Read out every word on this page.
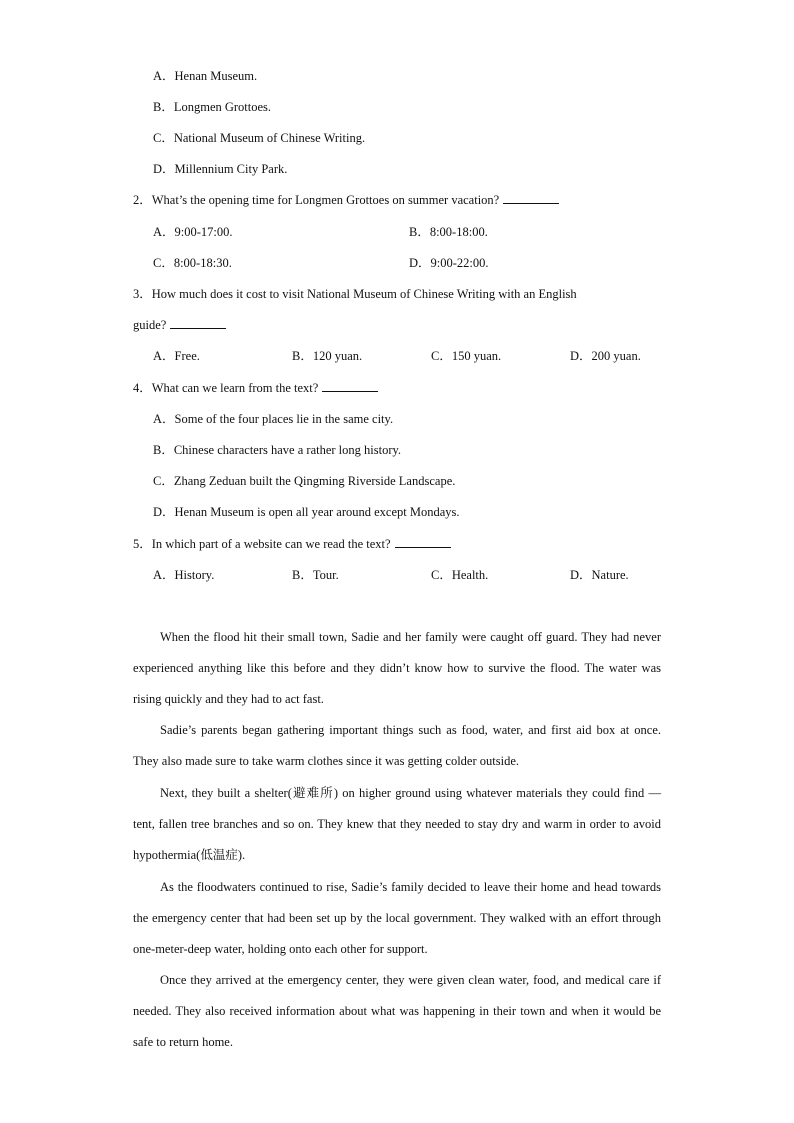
A．Henan Museum.
B．Longmen Grottoes.
C．National Museum of Chinese Writing.
D．Millennium City Park.
2．What’s the opening time for Longmen Grottoes on summer vacation?
A．9:00-17:00.	B．8:00-18:00.
C．8:00-18:30.	D．9:00-22:00.
3．How much does it cost to visit National Museum of Chinese Writing with an English
guide?
A．Free.	B．120 yuan.	C．150 yuan.	D．200 yuan.
4．What can we learn from the text?
A．Some of the four places lie in the same city.
B．Chinese characters have a rather long history.
C．Zhang Zeduan built the Qingming Riverside Landscape.
D．Henan Museum is open all year around except Mondays.
5．In which part of a website can we read the text?
A．History.	B．Tour.	C．Health.	D．Nature.
When the flood hit their small town, Sadie and her family were caught off guard. They had never experienced anything like this before and they didn’t know how to survive the flood. The water was rising quickly and they had to act fast.
Sadie’s parents began gathering important things such as food, water, and first aid box at once. They also made sure to take warm clothes since it was getting colder outside.
Next, they built a shelter(避难所) on higher ground using whatever materials they could find —tent, fallen tree branches and so on. They knew that they needed to stay dry and warm in order to avoid hypothermia(低温症).
As the floodwaters continued to rise, Sadie’s family decided to leave their home and head towards the emergency center that had been set up by the local government. They walked with an effort through one-meter-deep water, holding onto each other for support.
Once they arrived at the emergency center, they were given clean water, food, and medical care if needed. They also received information about what was happening in their town and when it would be safe to return home.
